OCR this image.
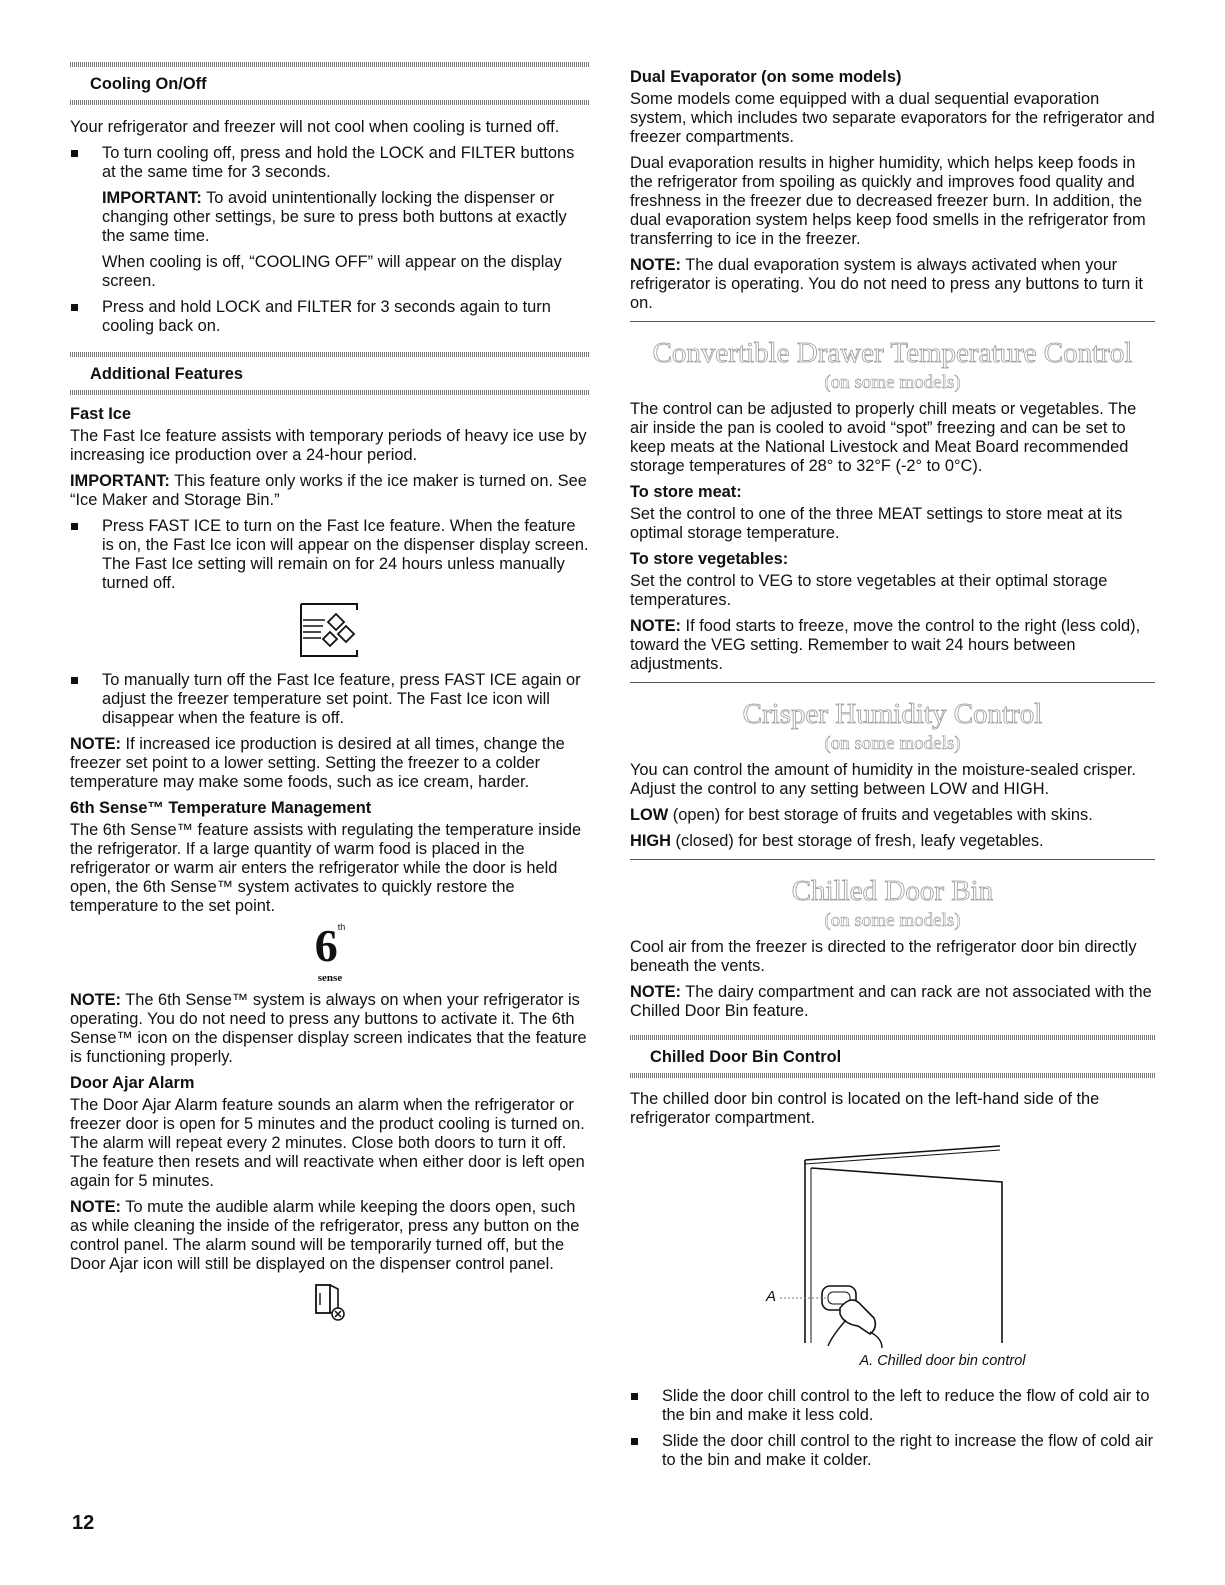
Cooling On/Off

Your refrigerator and freezer will not cool when cooling is turned off.

To turn cooling off, press and hold the LOCK and FILTER buttons at the same time for 3 seconds.
IMPORTANT: To avoid unintentionally locking the dispenser or changing other settings, be sure to press both buttons at exactly the same time.
When cooling is off, “COOLING OFF” will appear on the display screen.
Press and hold LOCK and FILTER for 3 seconds again to turn cooling back on.

Additional Features

Fast Ice

The Fast Ice feature assists with temporary periods of heavy ice use by increasing ice production over a 24-hour period.

IMPORTANT: This feature only works if the ice maker is turned on. See “Ice Maker and Storage Bin.”

Press FAST ICE to turn on the Fast Ice feature. When the feature is on, the Fast Ice icon will appear on the dispenser display screen. The Fast Ice setting will remain on for 24 hours unless manually turned off.
To manually turn off the Fast Ice feature, press FAST ICE again or adjust the freezer temperature set point. The Fast Ice icon will disappear when the feature is off.

NOTE: If increased ice production is desired at all times, change the freezer set point to a lower setting. Setting the freezer to a colder temperature may make some foods, such as ice cream, harder.

6th Sense™ Temperature Management

The 6th Sense™ feature assists with regulating the temperature inside the refrigerator. If a large quantity of warm food is placed in the refrigerator or warm air enters the refrigerator while the door is held open, the 6th Sense™ system activates to quickly restore the temperature to the set point.

6th
sense

NOTE: The 6th Sense™ system is always on when your refrigerator is operating. You do not need to press any buttons to activate it. The 6th Sense™ icon on the dispenser display screen indicates that the feature is functioning properly.

Door Ajar Alarm

The Door Ajar Alarm feature sounds an alarm when the refrigerator or freezer door is open for 5 minutes and the product cooling is turned on. The alarm will repeat every 2 minutes. Close both doors to turn it off. The feature then resets and will reactivate when either door is left open again for 5 minutes.

NOTE: To mute the audible alarm while keeping the doors open, such as while cleaning the inside of the refrigerator, press any button on the control panel. The alarm sound will be temporarily turned off, but the Door Ajar icon will still be displayed on the dispenser control panel.

Dual Evaporator (on some models)

Some models come equipped with a dual sequential evaporation system, which includes two separate evaporators for the refrigerator and freezer compartments.

Dual evaporation results in higher humidity, which helps keep foods in the refrigerator from spoiling as quickly and improves food quality and freshness in the freezer due to decreased freezer burn. In addition, the dual evaporation system helps keep food smells in the refrigerator from transferring to ice in the freezer.

NOTE: The dual evaporation system is always activated when your refrigerator is operating. You do not need to press any buttons to turn it on.

Convertible Drawer Temperature Control
(on some models)

The control can be adjusted to properly chill meats or vegetables. The air inside the pan is cooled to avoid “spot” freezing and can be set to keep meats at the National Livestock and Meat Board recommended storage temperatures of 28° to 32°F (-2° to 0°C).

To store meat:

Set the control to one of the three MEAT settings to store meat at its optimal storage temperature.

To store vegetables:

Set the control to VEG to store vegetables at their optimal storage temperatures.

NOTE: If food starts to freeze, move the control to the right (less cold), toward the VEG setting. Remember to wait 24 hours between adjustments.

Crisper Humidity Control
(on some models)

You can control the amount of humidity in the moisture-sealed crisper. Adjust the control to any setting between LOW and HIGH.

LOW (open) for best storage of fruits and vegetables with skins.

HIGH (closed) for best storage of fresh, leafy vegetables.

Chilled Door Bin
(on some models)

Cool air from the freezer is directed to the refrigerator door bin directly beneath the vents.

NOTE: The dairy compartment and can rack are not associated with the Chilled Door Bin feature.

Chilled Door Bin Control

The chilled door bin control is located on the left-hand side of the refrigerator compartment.

A

A. Chilled door bin control

Slide the door chill control to the left to reduce the flow of cold air to the bin and make it less cold.
Slide the door chill control to the right to increase the flow of cold air to the bin and make it colder.
12
